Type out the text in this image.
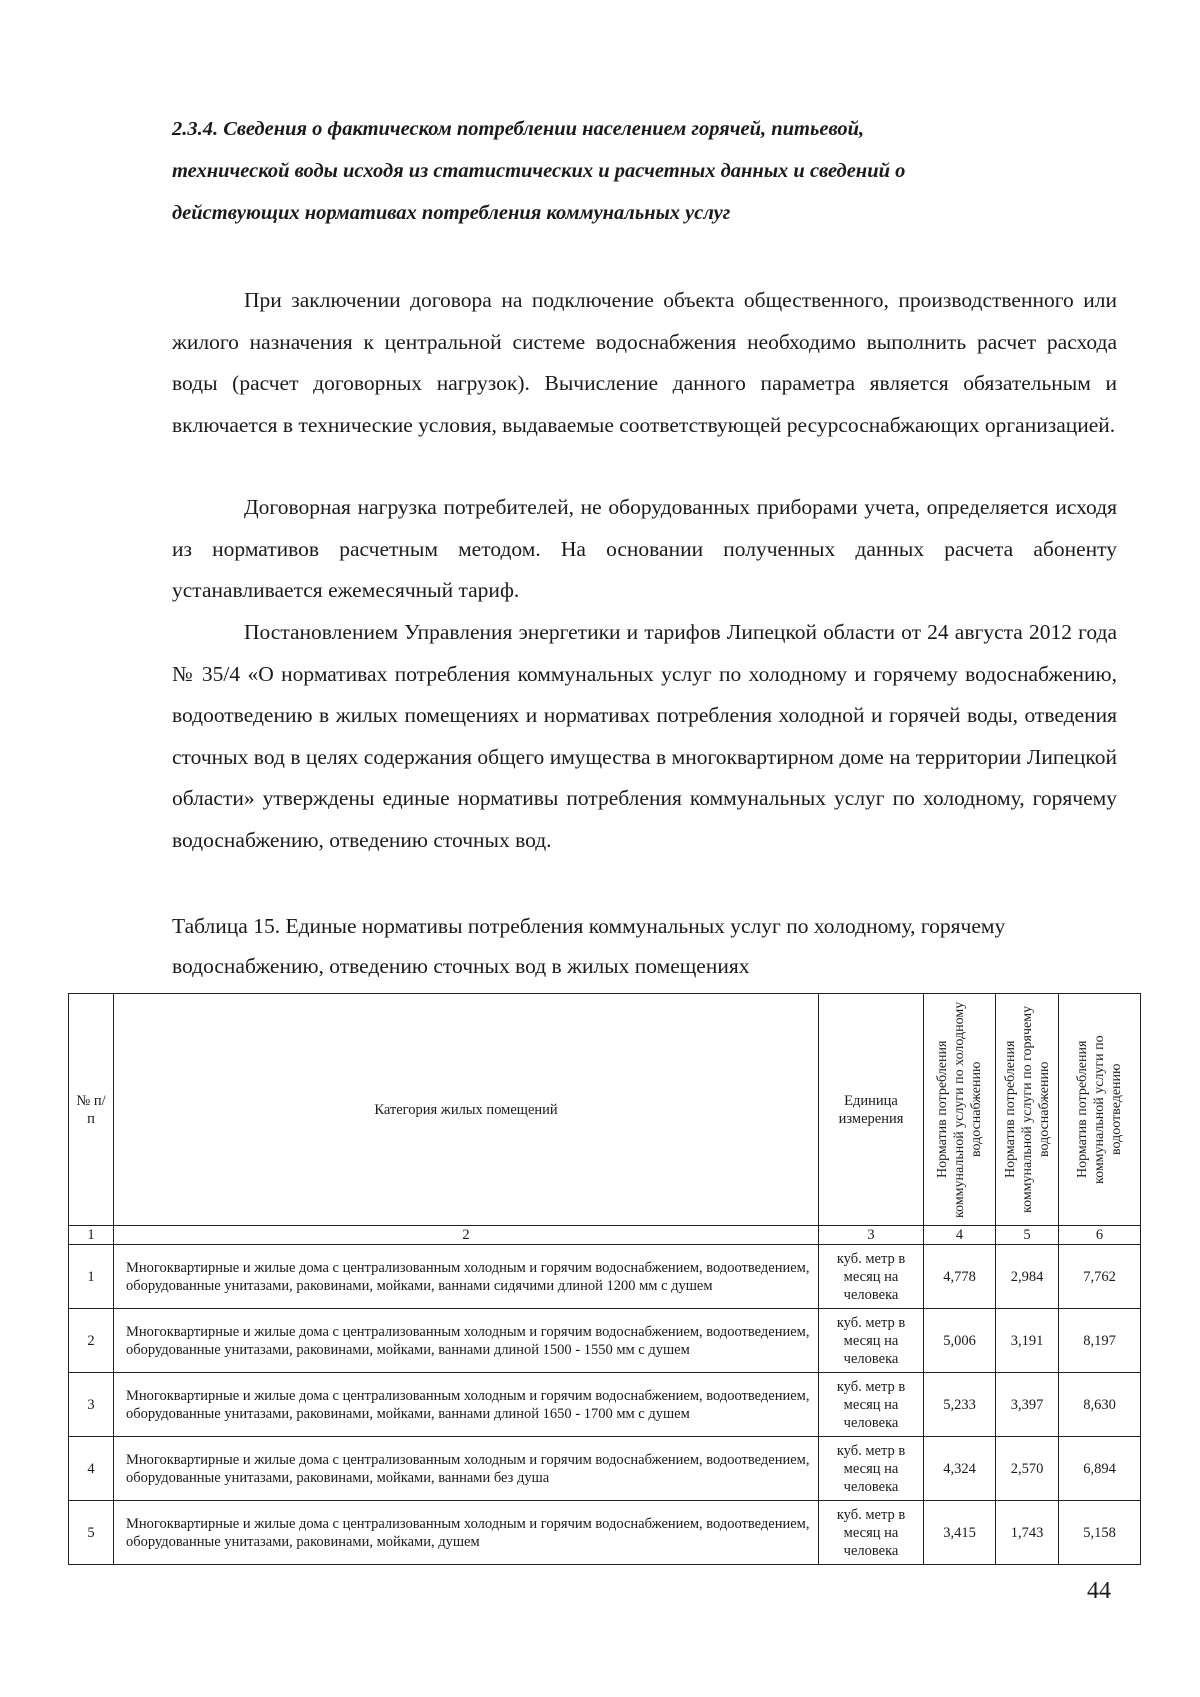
2.3.4. Сведения о фактическом потреблении населением горячей, питьевой,
технической воды исходя из статистических и расчетных данных и сведений о
действующих нормативах потребления коммунальных услуг

При заключении договора на подключение объекта общественного, производственного или жилого назначения к центральной системе водоснабжения необходимо выполнить расчет расхода воды (расчет договорных нагрузок). Вычисление данного параметра является обязательным и включается в технические условия, выдаваемые соответствующей ресурсоснабжающих организацией.

Договорная нагрузка потребителей, не оборудованных приборами учета, определяется исходя из нормативов расчетным методом. На основании полученных данных расчета абоненту устанавливается ежемесячный тариф.

Постановлением Управления энергетики и тарифов Липецкой области от 24 августа 2012 года № 35/4 «О нормативах потребления коммунальных услуг по холодному и горячему водоснабжению, водоотведению в жилых помещениях и нормативах потребления холодной и горячей воды, отведения сточных вод в целях содержания общего имущества в многоквартирном доме на территории Липецкой области» утверждены единые нормативы потребления коммунальных услуг по холодному, горячему водоснабжению, отведению сточных вод.

Таблица 15. Единые нормативы потребления коммунальных услуг по холодному, горячему водоснабжению, отведению сточных вод в жилых помещениях

№ п/п	Категория жилых помещений	Единица измерения	Норматив потребления коммунальной услуги по холодному водоснабжению	Норматив потребления коммунальной услуги по горячему водоснабжению	Норматив потребления коммунальной услуги по водоотведению

1	2	3	4	5	6
1	Многоквартирные и жилые дома с централизованным холодным и горячим водоснабжением, водоотведением, оборудованные унитазами, раковинами, мойками, ваннами сидячими длиной 1200 мм с душем	куб. метр в месяц на человека	4,778	2,984	7,762
2	Многоквартирные и жилые дома с централизованным холодным и горячим водоснабжением, водоотведением, оборудованные унитазами, раковинами, мойками, ваннами длиной 1500 - 1550 мм с душем	куб. метр в месяц на человека	5,006	3,191	8,197
3	Многоквартирные и жилые дома с централизованным холодным и горячим водоснабжением, водоотведением, оборудованные унитазами, раковинами, мойками, ваннами длиной 1650 - 1700 мм с душем	куб. метр в месяц на человека	5,233	3,397	8,630
4	Многоквартирные и жилые дома с централизованным холодным и горячим водоснабжением, водоотведением, оборудованные унитазами, раковинами, мойками, ваннами без душа	куб. метр в месяц на человека	4,324	2,570	6,894
5	Многоквартирные и жилые дома с централизованным холодным и горячим водоснабжением, водоотведением, оборудованные унитазами, раковинами, мойками, душем	куб. метр в месяц на человека	3,415	1,743	5,158

44
